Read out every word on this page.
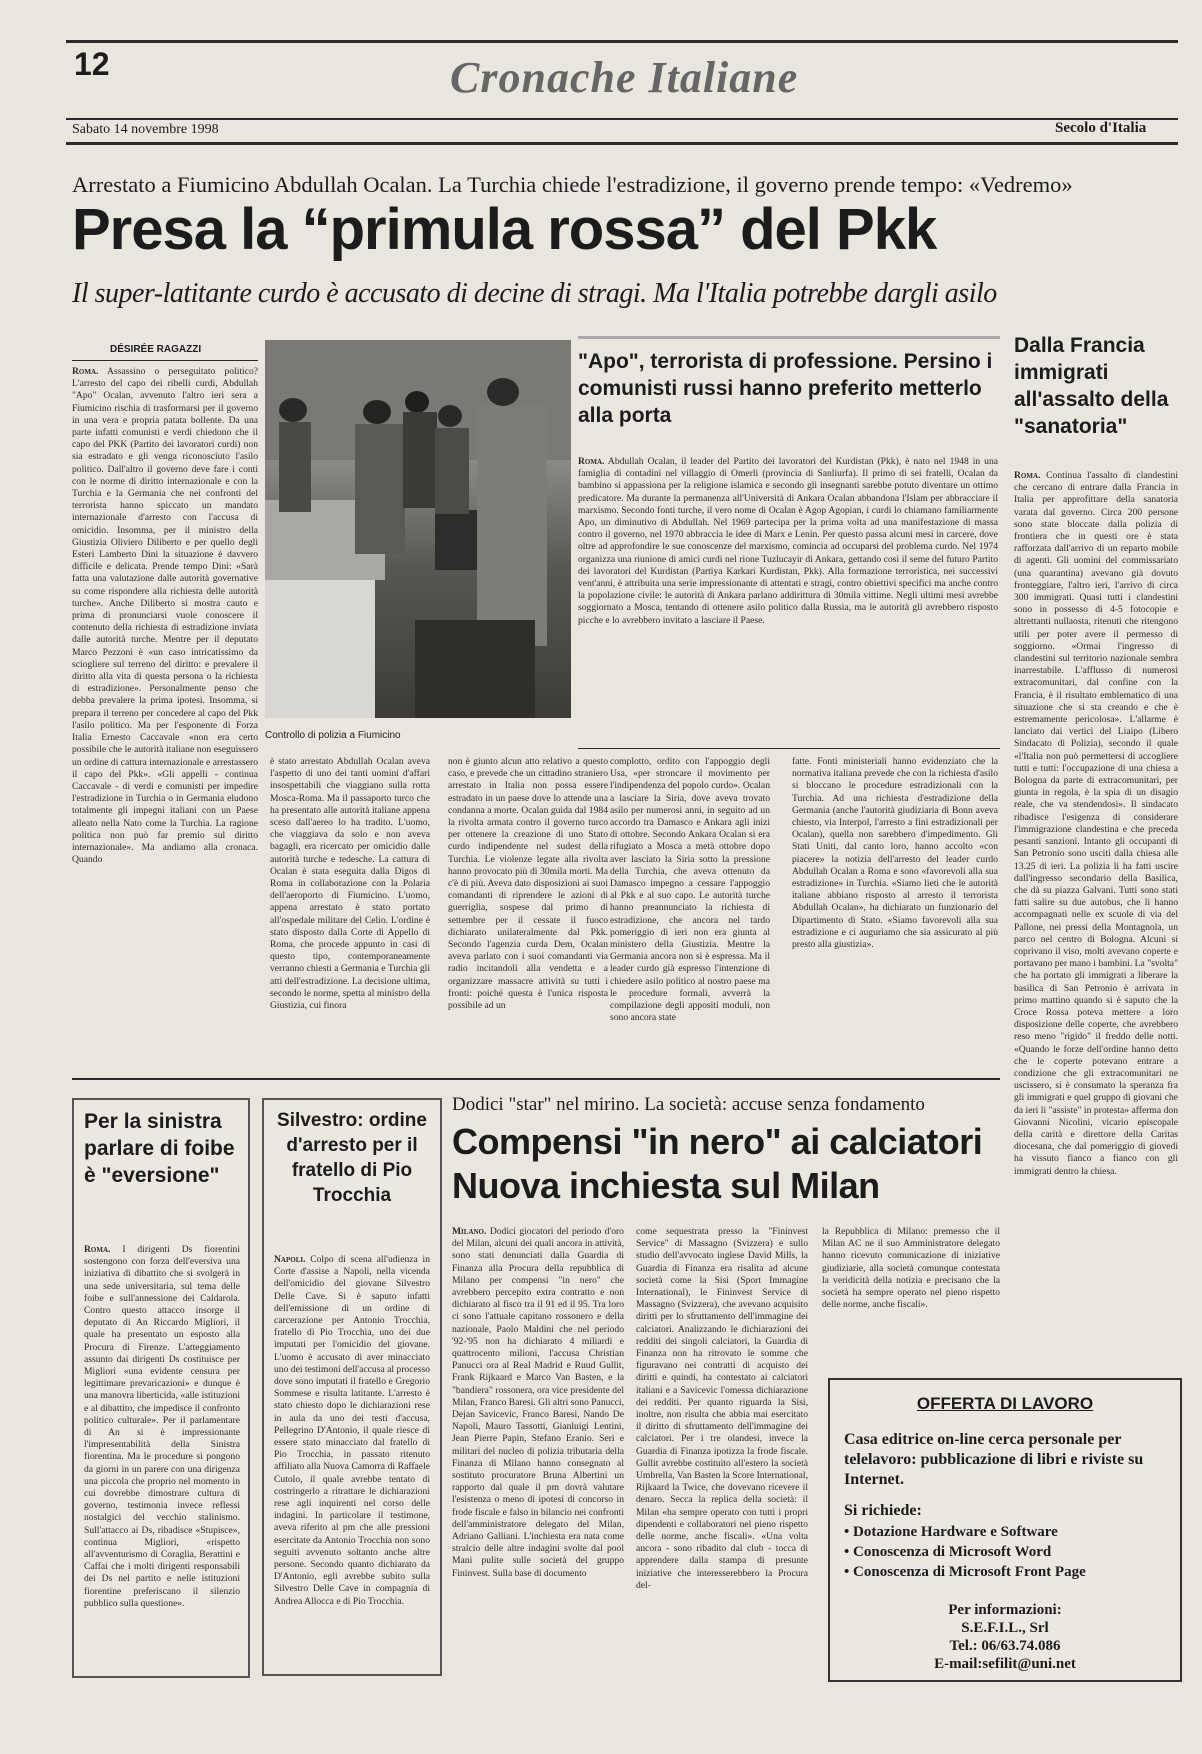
12	Cronache Italiane
Sabato 14 novembre 1998	Secolo d'Italia
Arrestato a Fiumicino Abdullah Ocalan. La Turchia chiede l'estradizione, il governo prende tempo: «Vedremo»
Presa la “primula rossa” del Pkk
Il super-latitante curdo è accusato di decine di stragi. Ma l'Italia potrebbe dargli asilo
DÉSIRÉE RAGAZZI
Roma. Assassino o perseguitato politico? L'arresto del capo dei ribelli curdi, Abdullah "Apo" Ocalan, avvenuto l'altro ieri sera a Fiumicino rischia di trasformarsi per il governo in una vera e propria patata bollente. Da una parte infatti comunisti e verdi chiedono che il capo del PKK (Partito dei lavoratori curdi) non sia estradato e gli venga riconosciuto l'asilo politico. Dall'altro il governo deve fare i conti con le norme di diritto internazionale e con la Turchia e la Germania che nei confronti del terrorista hanno spiccato un mandato internazionale d'arresto con l'accusa di omicidio. Insomma, per il ministro della Giustizia Oliviero Diliberto e per quello degli Esteri Lamberto Dini la situazione è davvero difficile e delicata. Prende tempo Dini: «Sarà fatta una valutazione dalle autorità governative su come rispondere alla richiesta delle autorità turche». Anche Diliberto si mostra cauto e prima di pronunciarsi vuole conoscere il contenuto della richiesta di estradizione inviata dalle autorità turche. Mentre per il deputato Marco Pezzoni è «un caso intricatissimo da sciogliere sul terreno del diritto: e prevalere il diritto alla vita di questa persona o la richiesta di estradizione». Personalmente penso che debba prevalere la prima ipotesi. Insomma, si prepara il terreno per concedere al capo del Pkk l'asilo politico. Ma per l'esponente di Forza Italia Ernesto Caccavale «non era certo possibile che le autorità italiane non eseguissero un ordine di cattura internazionale e arrestassero il capo del Pkk». «Gli appelli - continua Caccavale - di verdi e comunisti per impedire l'estradizione in Turchia o in Germania eludono totalmente gli impegni italiani con un Paese alleato nella Nato come la Turchia. La ragione politica non può far premio sul diritto internazionale». Ma andiamo alla cronaca. Quando
Controllo di polizia a Fiumicino
"Apo", terrorista di professione. Persino i comunisti russi hanno preferito metterlo alla porta
Roma. Abdullah Ocalan, il leader del Partito dei lavoratori del Kurdistan (Pkk), è nato nel 1948 in una famiglia di contadini nel villaggio di Omerli (provincia di Sanliurfa). Il primo di sei fratelli, Ocalan da bambino si appassiona per la religione islamica e secondo gli insegnanti sarebbe potuto diventare un ottimo predicatore. Ma durante la permanenza all'Università di Ankara Ocalan abbandona l'Islam per abbracciare il marxismo. Secondo fonti turche, il vero nome di Ocalan è Agop Agopian, i curdi lo chiamano familiarmente Apo, un diminutivo di Abdullah. Nel 1969 partecipa per la prima volta ad una manifestazione di massa contro il governo, nel 1970 abbraccia le idee di Marx e Lenin. Per questo passa alcuni mesi in carcere, dove oltre ad approfondire le sue conoscenze del marxismo, comincia ad occuparsi del problema curdo. Nel 1974 organizza una riunione di amici curdi nel rione Tuzlucayir di Ankara, gettando così il seme del futuro Partito dei lavoratori del Kurdistan (Partiya Karkari Kurdistan, Pkk). Alla formazione terroristica, nei successivi vent'anni, è attribuita una serie impressionante di attentati e stragi, contro obiettivi specifici ma anche contro la popolazione civile: le autorità di Ankara parlano addirittura di 30mila vittime. Negli ultimi mesi avrebbe soggiornato a Mosca, tentando di ottenere asilo politico dalla Russia, ma le autorità gli avrebbero risposto picche e lo avrebbero invitato a lasciare il Paese.
è stato arrestato Abdullah Ocalan aveva l'aspetto di uno dei tanti uomini d'affari insospettabili che viaggiano sulla rotta Mosca-Roma. Ma il passaporto turco che ha presentato alle autorità italiane appena sceso dall'aereo lo ha tradito. L'uomo, che viaggiava da solo e non aveva bagagli, era ricercato per omicidio dalle autorità turche e tedesche. La cattura di Ocalan è stata eseguita dalla Digos di Roma in collaborazione con la Polaria dell'aeroporto di Fiumicino. L'uomo, appena arrestato è stato portato all'ospedale militare del Celio. L'ordine è stato disposto dalla Corte di Appello di Roma, che procede appunto in casi di questo tipo, contemporaneamente verranno chiesti a Germania e Turchia gli atti dell'estradizione. La decisione ultima, secondo le norme, spetta al ministro della Giustizia, cui finora
non è giunto alcun atto relativo a questo caso, e prevede che un cittadino straniero arrestato in Italia non possa essere estradato in un paese dove lo attende una condanna a morte. Ocalan guida dal 1984 la rivolta armata contro il governo turco per ottenere la creazione di uno Stato curdo indipendente nel sudest della Turchia. Le violenze legate alla rivolta hanno provocato più di 30mila morti. Ma c'è di più. Aveva dato disposizioni ai suoi comandanti di riprendere le azioni di guerriglia, sospese dal primo di settembre per il cessate il fuoco dichiarato unilateralmente dal Pkk. Secondo l'agenzia curda Dem, Ocalan aveva parlato con i suoi comandanti via radio incitandoli alla vendetta e a organizzare massacre attività su tutti i fronti: poiché questa è l'unica risposta possibile ad un
complotto, ordito con l'appoggio degli Usa, «per stroncare il movimento per l'indipendenza del popolo curdo». Ocalan a lasciare la Siria, dove aveva trovato asilo per numerosi anni, in seguito ad un accordo tra Damasco e Ankara agli inizi di ottobre. Secondo Ankara Ocalan si era rifugiato a Mosca a metà ottobre dopo aver lasciato la Siria sotto la pressione della Turchia, che aveva ottenuto da Damasco impegno a cessare l'appoggio al Pkk e al suo capo. Le autorità turche hanno preannunciato la richiesta di estradizione, che ancora nel tardo pomeriggio di ieri non era giunta al ministero della Giustizia. Mentre la Germania ancora non si è espressa. Ma il leader curdo già espresso l'intenzione di chiedere asilo politico al nostro paese ma le procedure formali, avverrà la compilazione degli appositi moduli, non sono ancora state
fatte. Fonti ministeriali hanno evidenziato che la normativa italiana prevede che con la richiesta d'asilo si bloccano le procedure estradizionali con la Turchia. Ad una richiesta d'estradizione della Germania (anche l'autorità giudiziaria di Bonn aveva chiesto, via Interpol, l'arresto a fini estradizionali per Ocalan), quella non sarebbero d'impedimento. Gli Stati Uniti, dal canto loro, hanno accolto «con piacere» la notizia dell'arresto del leader curdo Abdullah Ocalan a Roma e sono «favorevoli alla sua estradizione» in Turchia. «Siamo lieti che le autorità italiane abbiano risposto al arresto il terrorista Abdullah Ocalan», ha dichiarato un funzionario del Dipartimento di Stato. «Siamo favorevoli alla sua estradizione e ci auguriamo che sia assicurato al più presto alla giustizia».
Dalla Francia immigrati all'assalto della "sanatoria"
Roma. Continua l'assalto di clandestini che cercano di entrare dalla Francia in Italia per approfittare della sanatoria varata dal governo. Circa 200 persone sono state bloccate dalla polizia di frontiera che in questi ore è stata rafforzata dall'arrivo di un reparto mobile di agenti. Gli uomini del commissariato (una quarantina) avevano già dovuto fronteggiare, l'altro ieri, l'arrivo di circa 300 immigrati. Quasi tutti i clandestini sono in possesso di 4-5 fotocopie e altrettanti nullaosta, ritenuti che ritengono utili per poter avere il permesso di soggiorno. «Ormai l'ingresso di clandestini sul territorio nazionale sembra inarrestabile. L'afflusso di numerosi extracomunitari, dal confine con la Francia, è il risultato emblematico di una situazione che si sta creando e che è estremamente pericolosa». L'allarme è lanciato dai vertici del Liaipo (Libero Sindacato di Polizia), secondo il quale «l'Italia non può permettersi di accogliere tutti e tutti: l'occupazione di una chiesa a Bologna da parte di extracomunitari, per giunta in regola, è la spia di un disagio reale, che va stendendosi». Il sindacato ribadisce l'esigenza di considerare l'immigrazione clandestina e che preceda pesanti sanzioni. Intanto gli occupanti di San Petronio sono usciti dalla chiesa alle 13.25 di ieri. La polizia li ha fatti uscire dall'ingresso secondario della Basilica, che dà su piazza Galvani. Tutti sono stati fatti salire su due autobus, che li hanno accompagnati nelle ex scuole di via del Pallone, nei pressi della Montagnola, un parco nel centro di Bologna. Alcuni si coprivano il viso, molti avevano coperte e portavano per mano i bambini. La "svolta" che ha portato gli immigrati a liberare la basilica di San Petronio è arrivata in primo mattino quando si è saputo che la Croce Rossa poteva mettere a loro disposizione delle coperte, che avrebbero reso meno "rigido" il freddo delle notti. «Quando le forze dell'ordine hanno detto che le coperte potevano entrare a condizione che gli extracomunitari ne uscissero, si è consumato la speranza fra gli immigrati e quel gruppo di giovani che da ieri li "assiste" in protesta» afferma don Giovanni Nicolini, vicario episcopale della carità e direttore della Caritas diocesana, che dal pomeriggio di giovedì ha vissuto fianco a fianco con gli immigrati dentro la chiesa.
Per la sinistra parlare di foibe è "eversione"
Roma. I dirigenti Ds fiorentini sostengono con forza dell'eversiva una iniziativa di dibattito che si svolgerà in una sede universitaria, sul tema delle foibe e sull'annessione dei Caldarola. Contro questo attacco insorge il deputato di An Riccardo Migliori, il quale ha presentato un esposto alla Procura di Firenze. L'atteggiamento assunto dai dirigenti Ds costituisce per Migliori «una evidente censura per legittimare prevaricazioni» e dunque è una manovra liberticida, «alle istituzioni e al dibattito, che impedisce il confronto politico culturale». Per il parlamentare di An si è impressionante l'impresentabilità della Sinistra fiorentina. Ma le procedure si pongono da giorni in un parere con una dirigenza una piccola che proprio nel momento in cui dovrebbe dimostrare cultura di governo, testimonia invece reflessi nostalgici del vecchio stalinismo. Sull'attacco ai Ds, ribadisce «Stupisce», continua Migliori, «rispetto all'avventurismo di Coraglia, Berattini e Caffai che i molti dirigenti responsabili dei Ds nel partito e nelle istituzioni fiorentine preferiscano il silenzio pubblico sulla questione».
Silvestro: ordine d'arresto per il fratello di Pio Trocchia
Napoli. Colpo di scena all'udienza in Corte d'assise a Napoli, nella vicenda dell'omicidio del giovane Silvestro Delle Cave. Si è saputo infatti dell'emissione di un ordine di carcerazione per Antonio Trocchia, fratello di Pio Trocchia, uno dei due imputati per l'omicidio del giovane. L'uomo è accusato di aver minacciato uno dei testimoni dell'accusa al processo dove sono imputati il fratello e Gregorio Sommese e risulta latitante. L'arresto è stato chiesto dopo le dichiarazioni rese in aula da uno dei testi d'accusa, Pellegrino D'Antonio, il quale riesce di essere stato minacciato dal fratello di Pio Trocchia, in passato ritenuto affiliato alla Nuova Camorra di Raffaele Cutolo, il quale avrebbe tentato di costringerlo a ritrattare le dichiarazioni rese agli inquirenti nel corso delle indagini. In particolare il testimone, aveva riferito al pm che alle pressioni esercitate da Antonio Trocchia non sono seguiti avvenuto soltanto anche altre persone. Secondo quanto dichiarato da D'Antonio, egli avrebbe subito sulla Silvestro Delle Cave in compagnia di Andrea Allocca e di Pio Trocchia.
Dodici "star" nel mirino. La società: accuse senza fondamento
Compensi "in nero" ai calciatori Nuova inchiesta sul Milan
Milano. Dodici giocatori del periodo d'oro del Milan, alcuni dei quali ancora in attività, sono stati denunciati dalla Guardia di Finanza alla Procura della repubblica di Milano per compensi "in nero" che avrebbero percepito extra contratto e non dichiarato al fisco tra il 91 ed il 95. Tra loro ci sono l'attuale capitano rossonero e della nazionale, Paolo Maldini che nel periodo '92-'95 non ha dichiarato 4 miliardi e quattrocento milioni, l'accusa Christian Panucci ora al Real Madrid e Ruud Gullit, Frank Rijkaard e Marco Van Basten, e la "bandiera" rossonera, ora vice presidente del Milan, Franco Baresi. Gli altri sono Panucci, Dejan Savicevic, Franco Baresi, Nando De Napoli, Mauro Tassotti, Gianluigi Lentini, Jean Pierre Papin, Stefano Eranio. Seri e militari del nucleo di polizia tributaria della Finanza di Milano hanno consegnato al sostituto procuratore Bruna Albertini un rapporto dal quale il pm dovrà valutare l'esistenza o meno di ipotesi di concorso in frode fiscale e falso in bilancio nei confronti dell'amministratore delegato del Milan, Adriano Galliani. L'inchiesta era nata come stralcio delle altre indagini svolte dal pool Mani pulite sulle società del gruppo Fininvest. Sulla base di documento
come sequestrata presso la "Fininvest Service" di Massagno (Svizzera) e sullo studio dell'avvocato inglese David Mills, la Guardia di Finanza era risalita ad alcune società come la Sisi (Sport Immagine International), le Fininvest Service di Massagno (Svizzera), che avevano acquisito diritti per lo sfruttamento dell'immagine dei calciatori. Analizzando le dichiarazioni dei redditi dei singoli calciatori, la Guardia di Finanza non ha ritrovato le somme che figuravano nei contratti di acquisto dei diritti e quindi, ha contestato ai calciatori italiani e a Savicevic l'omessa dichiarazione dei redditi. Per quanto riguarda la Sisi, inoltre, non risulta che abbia mai esercitato il diritto di sfruttamento dell'immagine dei calciatori. Per i tre olandesi, invece la Guardia di Finanza ipotizza la frode fiscale. Gullit avrebbe costituito all'estero la società Umbrella, Van Basten la Score International, Rijkaard la Twice, che dovevano ricevere il denaro. Secca la replica della società: il Milan «ha sempre operato con tutti i propri dipendenti e collaboratori nel pieno rispetto delle norme, anche fiscali». «Una volta ancora - sono ribadito dal club - tocca di apprendere dalla stampa di presunte iniziative che interesserebbero la Procura del-
la Repubblica di Milano: premesso che il Milan AC ne il suo Amministratore delegato hanno ricevuto comunicazione di iniziative giudiziarie, alla società comunque contestata la veridicità della notizia e precisano che la società ha sempre operato nel pieno rispetto delle norme, anche fiscali».
OFFERTA DI LAVORO
Casa editrice on-line cerca personale per telelavoro: pubblicazione di libri e riviste su Internet.
Si richiede:
• Dotazione Hardware e Software
• Conoscenza di Microsoft Word
• Conoscenza di Microsoft Front Page
Per informazioni:
S.E.F.I.L., Srl
Tel.: 06/63.74.086
E-mail:sefilit@uni.net
